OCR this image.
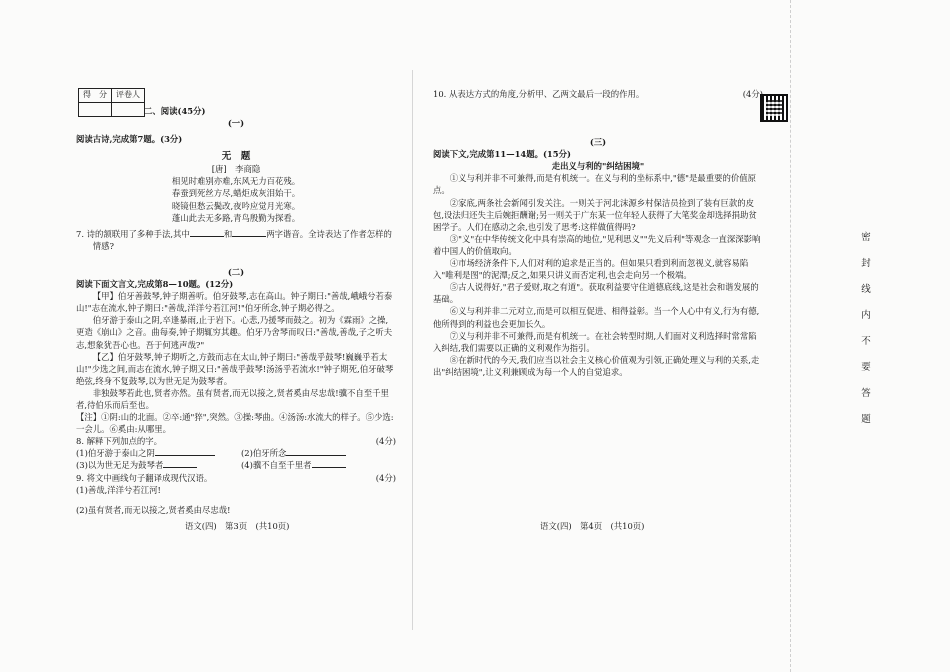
密
封
线
内
不
要
答
题
得　分	评卷人

二、阅读(45分)
(一)

阅读古诗,完成第7题。(3分)

无　题
[唐]　李商隐

相见时难别亦难,东风无力百花残。

春蚕到死丝方尽,蜡炬成灰泪始干。

晓镜但愁云鬓改,夜吟应觉月光寒。

蓬山此去无多路,青鸟殷勤为探看。

7. 诗的颔联用了多种手法,其中	和	两字谐音。全诗表达了作者怎样的

情感?

(二)

阅读下面文言文,完成第8—10题。(12分)

【甲】伯牙善鼓琴,钟子期善听。伯牙鼓琴,志在高山。钟子期曰:"善哉,峨峨兮若泰山!"志在流水,钟子期曰:"善哉,洋洋兮若江河!"伯牙所念,钟子期必得之。

伯牙游于泰山之阴,卒逢暴雨,止于岩下。心悲,乃援琴而鼓之。初为《霖雨》之操,更造《崩山》之音。曲每奏,钟子期辄穷其趣。伯牙乃舍琴而叹曰:"善哉,善哉,子之听夫志,想象犹吾心也。吾于何逃声哉?"

【乙】伯牙鼓琴,钟子期听之,方鼓而志在太山,钟子期曰:"善哉乎鼓琴!巍巍乎若太山!"少选之间,而志在流水,钟子期又曰:"善哉乎鼓琴!汤汤乎若流水!"钟子期死,伯牙破琴绝弦,终身不复鼓琴,以为世无足为鼓琴者。

非独鼓琴若此也,贤者亦然。虽有贤者,而无以接之,贤者奚由尽忠哉!骥不自至千里者,待伯乐而后至也。

【注】①阴:山的北面。②卒:通"猝",突然。③操:琴曲。④汤汤:水流大的样子。⑤少选:一会儿。⑥奚由:从哪里。

8. 解释下列加点的字。	(4分)

(1)伯牙游于泰山之阴	(2)伯牙所念

(3)以为世无足为鼓琴者	(4)骥不自至千里者

9. 将文中画线句子翻译成现代汉语。	(4分)

(1)善哉,洋洋兮若江河!

(2)虽有贤者,而无以接之,贤者奚由尽忠哉!

语文(四)　第3页　(共10页)

10. 从表达方式的角度,分析甲、乙两文最后一段的作用。	(4分)

(三)

阅读下文,完成第11—14题。(15分)

走出义与利的"纠结困境"

①义与利并非不可兼得,而是有机统一。在义与利的坐标系中,"德"是最重要的价值原点。

②家底,两条社会新闻引发关注。一则关于河北沫源乡村保洁员捡到了装有巨款的皮包,设法归还失主后婉拒酬谢;另一则关于广东某一位年轻人获得了大笔奖金却选择捐助贫困学子。人们在感动之余,也引发了思考:这样做值得吗?

③"义"在中华传统文化中具有崇高的地位,"见利思义""先义后利"等观念一直深深影响着中国人的价值取向。

④市场经济条件下,人们对利的追求是正当的。但如果只看到利而忽视义,就容易陷入"唯利是图"的泥潭;反之,如果只讲义而否定利,也会走向另一个极端。

⑤古人说得好,"君子爱财,取之有道"。获取利益要守住道德底线,这是社会和谐发展的基础。

⑥义与利并非二元对立,而是可以相互促进、相得益彰。当一个人心中有义,行为有德,他所得到的利益也会更加长久。

⑦义与利并非不可兼得,而是有机统一。在社会转型时期,人们面对义利选择时常常陷入纠结,我们需要以正确的义利观作为指引。

⑧在新时代的今天,我们应当以社会主义核心价值观为引领,正确处理义与利的关系,走出"纠结困境",让义利兼顾成为每一个人的自觉追求。

语文(四)　第4页　(共10页)
